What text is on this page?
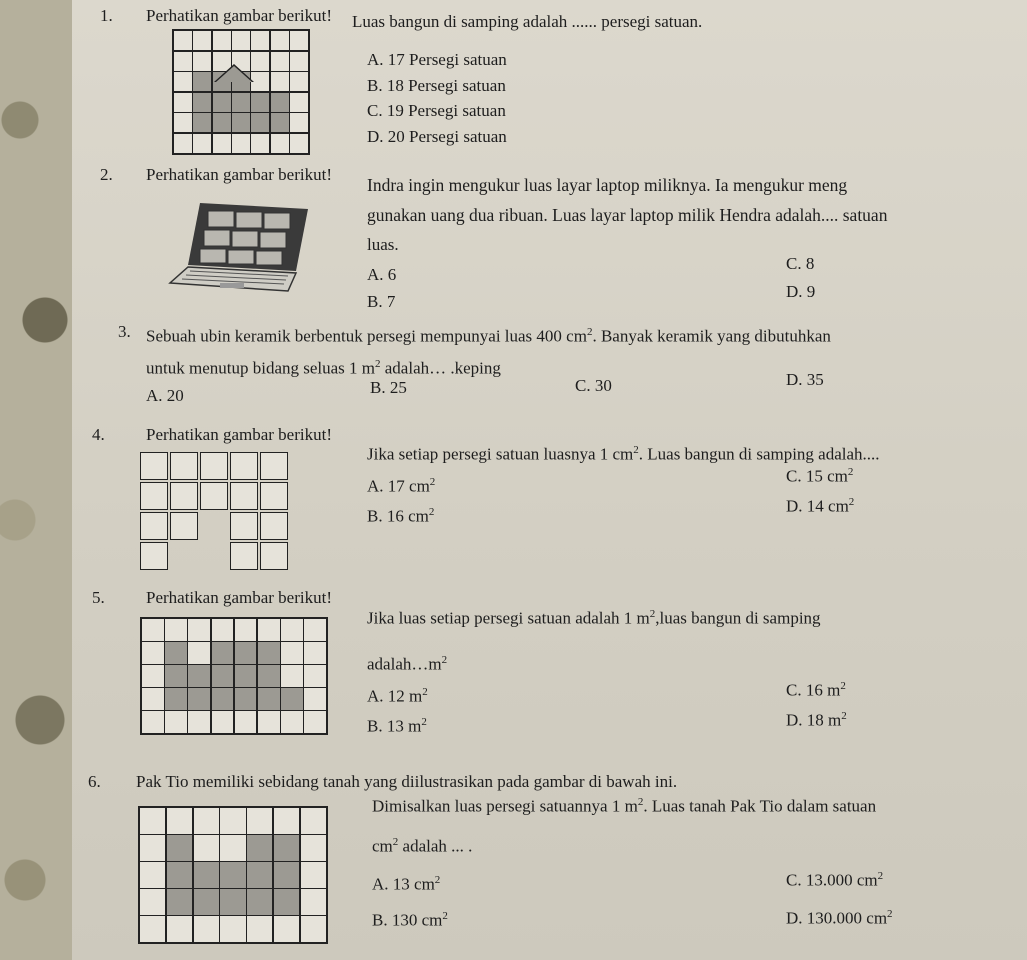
1. Perhatikan gambar berikut! Luas bangun di samping adalah ...... persegi satuan.
A. 17 Persegi satuan
B. 18 Persegi satuan
C. 19 Persegi satuan
D. 20 Persegi satuan
2. Perhatikan gambar berikut!
Indra ingin mengukur luas layar laptop miliknya. Ia mengukur meng
gunakan uang dua ribuan. Luas layar laptop milik Hendra adalah.... satuan
luas.
A. 6
B. 7
C. 8
D. 9
3. Sebuah ubin keramik berbentuk persegi mempunyai luas 400 $cm^2$. Banyak keramik yang dibutuhkan
untuk menutup bidang seluas 1 $m^2$ adalah… .keping
A. 20	B. 25	C. 30	D. 35
4. Perhatikan gambar berikut!
Jika setiap persegi satuan luasnya 1 $cm^2$. Luas bangun di samping adalah....
A. 17 $cm^2$
B. 16 $cm^2$
C. 15 $cm^2$
D. 14 $cm^2$
5. Perhatikan gambar berikut!
Jika luas setiap persegi satuan adalah 1 $m^2,luas$ bangun di samping
$adalah\dots m^2$
A. 12 $m^2$
B. 13 $m^2$
C. 16 $m^2$
D. 18 $m^2$
6. Pak Tio memiliki sebidang tanah yang diilustrasikan pada gambar di bawah ini.
Dimisalkan luas persegi satuannya 1 $m^2$. Luas tanah Pak Tio dalam satuan
$cm^2$ adalah ... .
A. 13 $cm^2$
B. 130 $cm^2$
C. 13.000 $cm^2$
D. 130.000 $cm^2$
